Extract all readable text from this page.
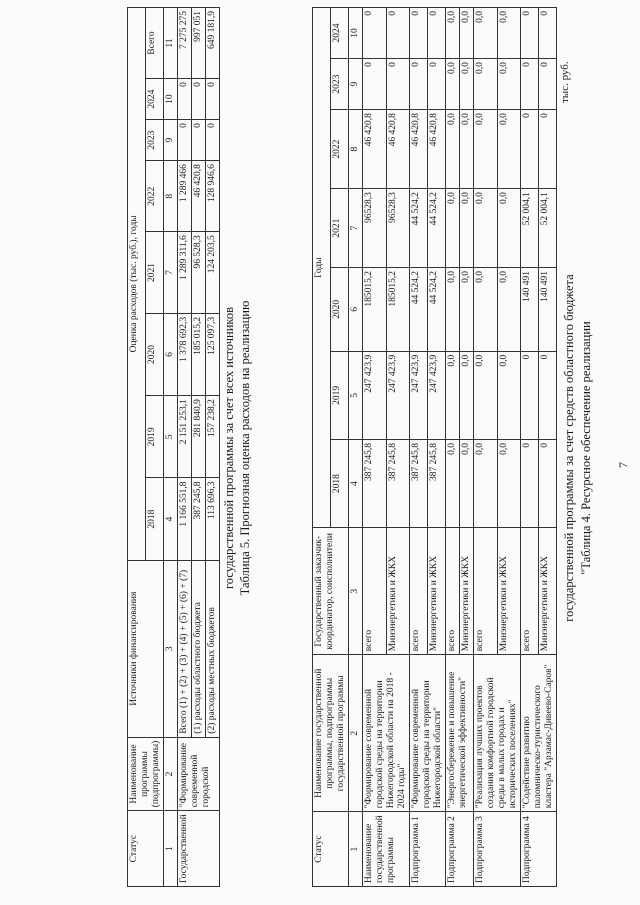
7
"Таблица 4. Ресурсное обеспечение реализации
государственной программы за счет средств областного бюджета
тыс. руб.
Статус	Наименование государственной программы, подпрограммы государственной программы	Государственный заказчик-координатор, соисполнители	Годы						
			2018	2019	2020	2021	2022	2023	2024
1	2	3	4	5	6	7	8	9	10
Наименование государственной программы	"Формирование современной городской среды на территории Нижегородской области на 2018 - 2024 годы"	всего	387 245,8	247 423,9	185015,2	96528,3	46 420,8	0	0
		Минэнергетики и ЖКХ	387 245,8	247 423,9	185015,2	96528,3	46 420,8	0	0
Подпрограмма 1	"Формирование современной городской среды на территории Нижегородской области"	всего	387 245,8	247 423,9	44 524,2	44 524,2	46 420,8	0	0
		Минэнергетики и ЖКХ	387 245,8	247 423,9	44 524,2	44 524,2	46 420,8	0	0
Подпрограмма 2	"Энергосбережение и повышение энергетической эффективности"	всего	0,0	0,0	0,0	0,0	0,0	0,0	0,0
		Минэнергетики и ЖКХ	0,0	0,0	0,0	0,0	0,0	0,0	0,0
Подпрограмма 3	"Реализация лучших проектов создания комфортной городской среды в малых городах и исторических поселениях"	всего	0,0	0,0	0,0	0,0	0,0	0,0	0,0
		Минэнергетики и ЖКХ	0,0	0,0	0,0	0,0	0,0	0,0	0,0
Подпрограмма 4	"Содействие развитию паломническо-туристического кластера "Арзамас-Дивеево-Саров"	всего	0	0	140 491	52 004,1	0	0	0
		Минэнергетики и ЖКХ	0	0	140 491	52 004,1	0	0	0
Таблица 5. Прогнозная оценка расходов на реализацию
государственной программы за счет всех источников
Статус	Наименование программы (подпрограммы)	Источники финансирования	Оценка расходов (тыс. руб.), годы							
			2018	2019	2020	2021	2022	2023	2024	Всего
1	2	3	4	5	6	7	8	9	10	11
Государственной	"Формирование современной городской	Всего (1) + (2) + (3) + (4) + (5) + (6) + (7)	1 166 551,8	2 151 253,1	1 378 692,3	1 289 311,6	1 289 466	0	0	7 275 275
		(1) расходы областного бюджета	387 245,8	281 840,9	185 015,2	96 528,3	46 420,8	0	0	997 051
		(2) расходы местных бюджетов	113 696,3	157 238,2	125 097,3	124 203,5	128 946,6	0	0	649 181,9
